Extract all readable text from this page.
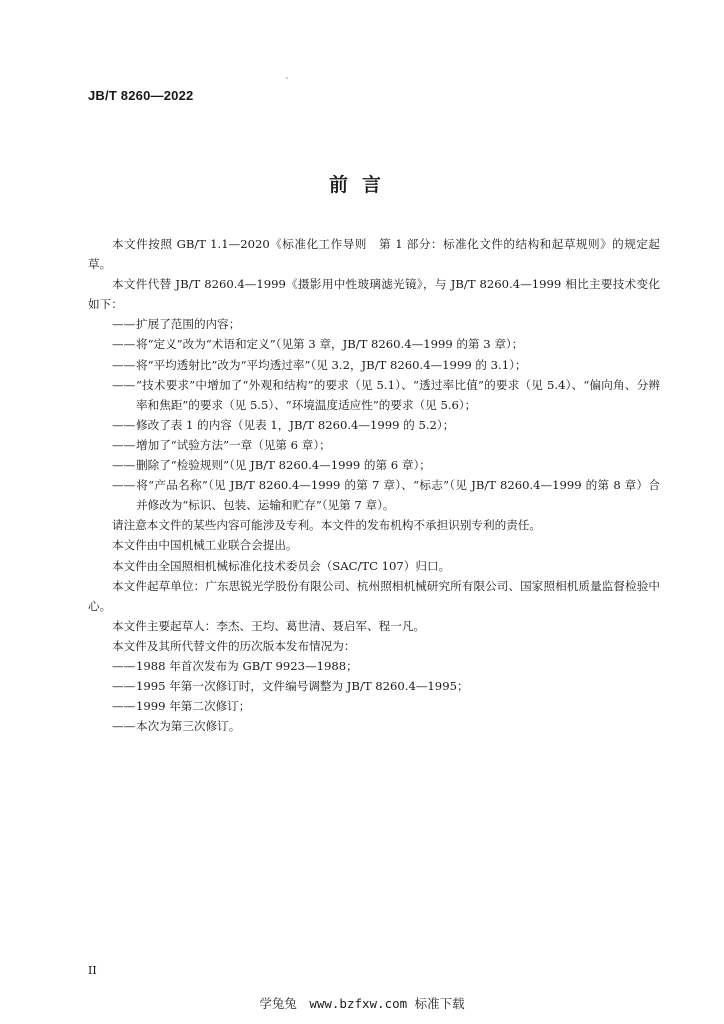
JB/T 8260—2022
前言

本文件按照 GB/T 1.1—2020《标准化工作导则　第 1 部分：标准化文件的结构和起草规则》的规定起草。

本文件代替 JB/T 8260.4—1999《摄影用中性玻璃滤光镜》，与 JB/T 8260.4—1999 相比主要技术变化如下：

——扩展了范围的内容；

——将“定义”改为“术语和定义”（见第 3 章，JB/T 8260.4—1999 的第 3 章）；

——将“平均透射比”改为“平均透过率”（见 3.2，JB/T 8260.4—1999 的 3.1）；

——“技术要求”中增加了“外观和结构”的要求（见 5.1）、“透过率比值”的要求（见 5.4）、“偏向角、分辨率和焦距”的要求（见 5.5）、“环境温度适应性”的要求（见 5.6）；

——修改了表 1 的内容（见表 1，JB/T 8260.4—1999 的 5.2）；

——增加了“试验方法”一章（见第 6 章）；

——删除了“检验规则”（见 JB/T 8260.4—1999 的第 6 章）；

——将“产品名称”（见 JB/T 8260.4—1999 的第 7 章）、“标志”（见 JB/T 8260.4—1999 的第 8 章）合并修改为“标识、包装、运输和贮存”（见第 7 章）。

请注意本文件的某些内容可能涉及专利。本文件的发布机构不承担识别专利的责任。

本文件由中国机械工业联合会提出。

本文件由全国照相机械标准化技术委员会（SAC/TC 107）归口。

本文件起草单位：广东思锐光学股份有限公司、杭州照相机械研究所有限公司、国家照相机质量监督检验中心。

本文件主要起草人：李杰、王均、葛世清、聂启军、程一凡。

本文件及其所代替文件的历次版本发布情况为：

——1988 年首次发布为 GB/T 9923—1988；

——1995 年第一次修订时，文件编号调整为 JB/T 8260.4—1995；

——1999 年第二次修订；

——本次为第三次修订。

II
学兔兔　www.bzfxw.com 标准下载
